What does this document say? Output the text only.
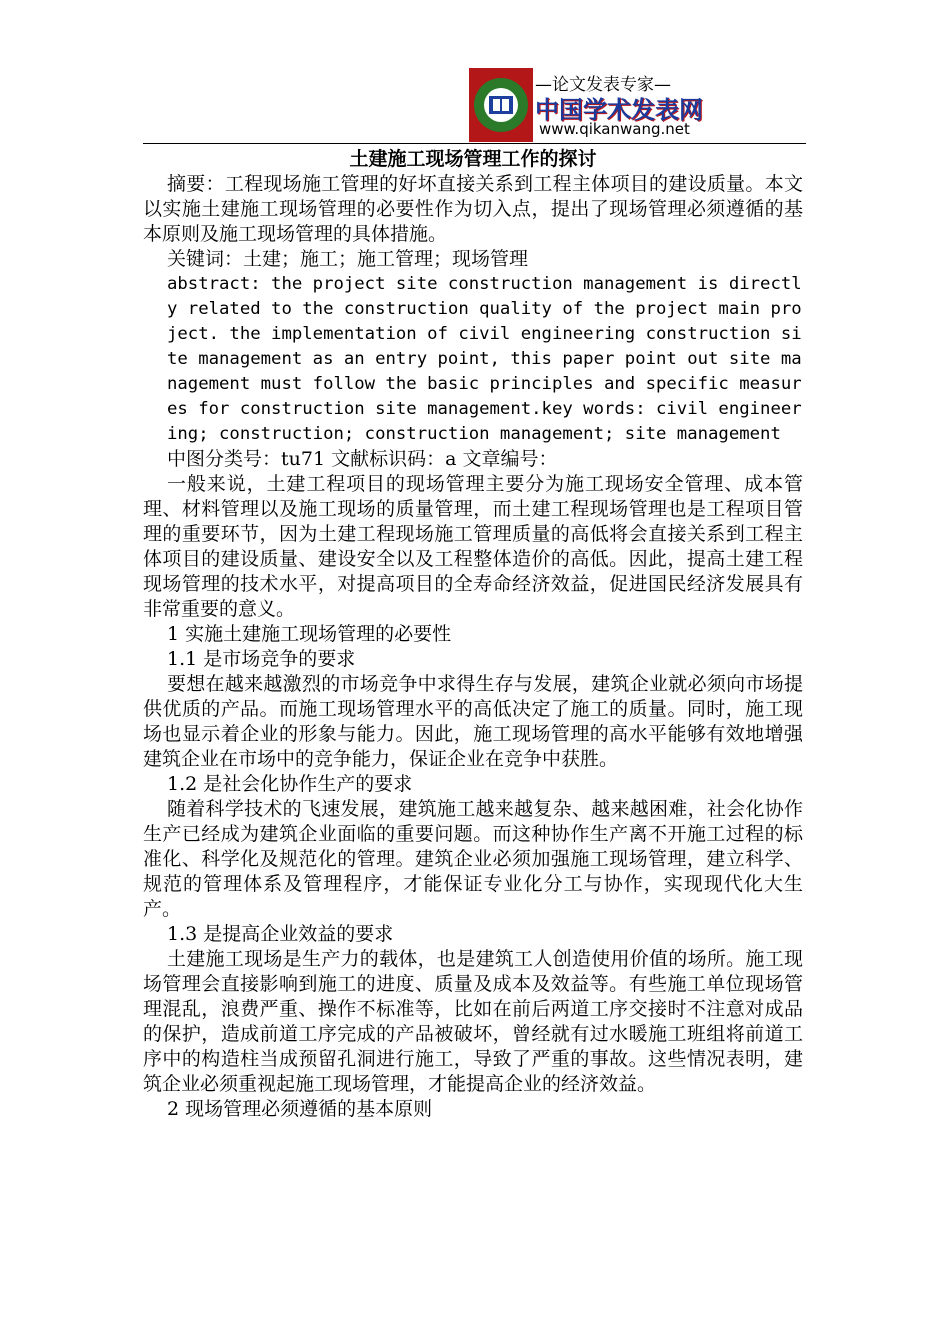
—论文发表专家—
中国学术发表网
www.qikanwang.net

土建施工现场管理工作的探讨

摘要：工程现场施工管理的好坏直接关系到工程主体项目的建设质量。本文以实施土建施工现场管理的必要性作为切入点，提出了现场管理必须遵循的基本原则及施工现场管理的具体措施。

关键词：土建；施工；施工管理；现场管理

abstract: the project site construction management is directly related to the construction quality of the project main project. the implementation of civil engineering construction site management as an entry point, this paper point out site management must follow the basic principles and specific measures for construction site management.key words: civil engineering; construction; construction management; site management

中图分类号：tu71 文献标识码：a 文章编号：

一般来说，土建工程项目的现场管理主要分为施工现场安全管理、成本管理、材料管理以及施工现场的质量管理，而土建工程现场管理也是工程项目管理的重要环节，因为土建工程现场施工管理质量的高低将会直接关系到工程主体项目的建设质量、建设安全以及工程整体造价的高低。因此，提高土建工程现场管理的技术水平，对提高项目的全寿命经济效益，促进国民经济发展具有非常重要的意义。

1 实施土建施工现场管理的必要性

1.1 是市场竞争的要求

要想在越来越激烈的市场竞争中求得生存与发展，建筑企业就必须向市场提供优质的产品。而施工现场管理水平的高低决定了施工的质量。同时，施工现场也显示着企业的形象与能力。因此，施工现场管理的高水平能够有效地增强建筑企业在市场中的竞争能力，保证企业在竞争中获胜。

1.2 是社会化协作生产的要求

随着科学技术的飞速发展，建筑施工越来越复杂、越来越困难，社会化协作生产已经成为建筑企业面临的重要问题。而这种协作生产离不开施工过程的标准化、科学化及规范化的管理。建筑企业必须加强施工现场管理，建立科学、规范的管理体系及管理程序，才能保证专业化分工与协作，实现现代化大生产。

1.3 是提高企业效益的要求

土建施工现场是生产力的载体，也是建筑工人创造使用价值的场所。施工现场管理会直接影响到施工的进度、质量及成本及效益等。有些施工单位现场管理混乱，浪费严重、操作不标准等，比如在前后两道工序交接时不注意对成品的保护，造成前道工序完成的产品被破坏，曾经就有过水暖施工班组将前道工序中的构造柱当成预留孔洞进行施工，导致了严重的事故。这些情况表明，建筑企业必须重视起施工现场管理，才能提高企业的经济效益。

2 现场管理必须遵循的基本原则
